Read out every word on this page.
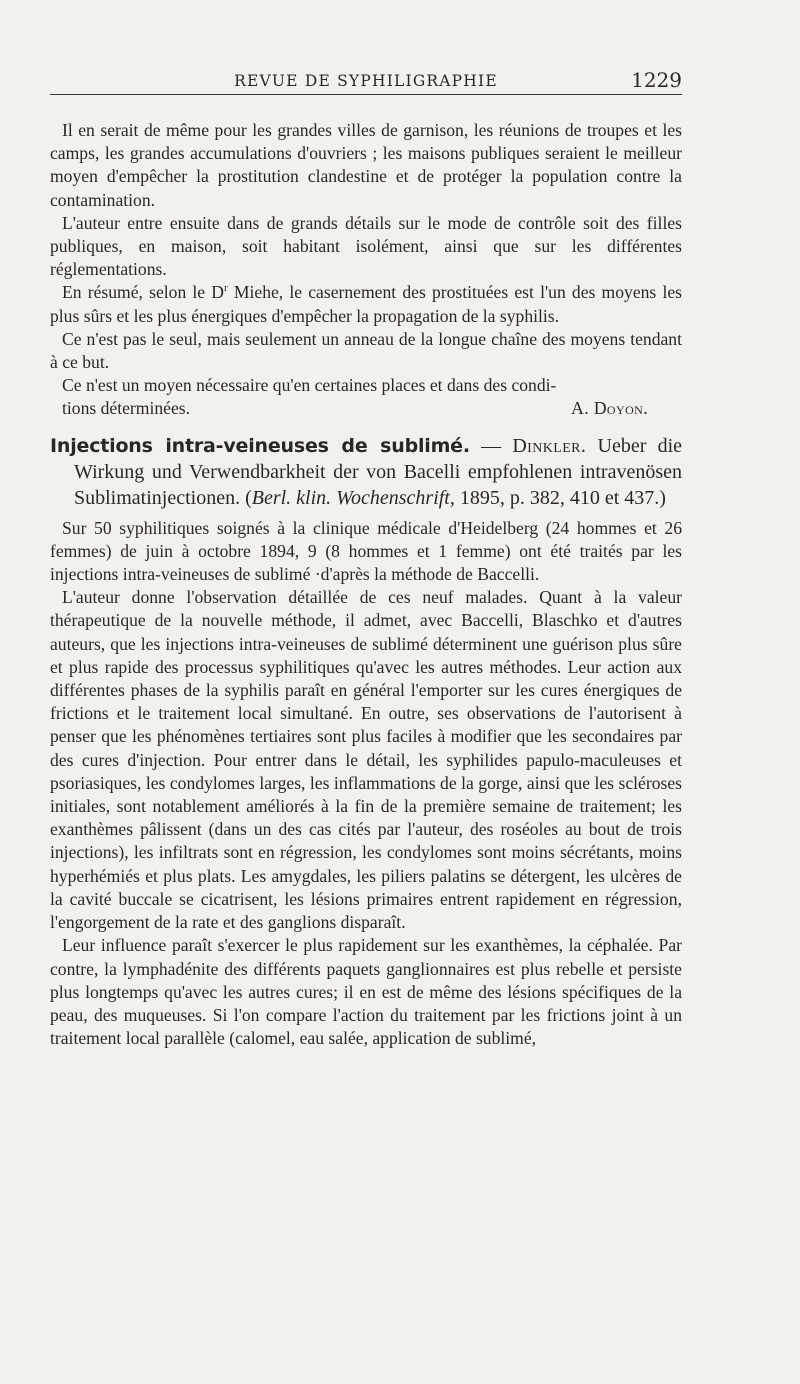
REVUE DE SYPHILIGRAPHIE	1229

Il en serait de même pour les grandes villes de garnison, les réunions de troupes et les camps, les grandes accumulations d'ouvriers ; les maisons publiques seraient le meilleur moyen d'empêcher la prostitution clandestine et de protéger la population contre la contamination.

L'auteur entre ensuite dans de grands détails sur le mode de contrôle soit des filles publiques, en maison, soit habitant isolément, ainsi que sur les différentes réglementations.

En résumé, selon le $D^r$ Miehe, le casernement des prostituées est l'un des moyens les plus sûrs et les plus énergiques d'empêcher la propagation de la syphilis.

Ce n'est pas le seul, mais seulement un anneau de la longue chaîne des moyens tendant à ce but.

Ce n'est un moyen nécessaire qu'en certaines places et dans des condi-

tions déterminées.	A. Doyon.

Injections intra-veineuses de sublimé. — Dinkler. Ueber die Wirkung und Verwendbarkheit der von Bacelli empfohlenen intravenösen Sublimatinjectionen. (Berl. klin. Wochenschrift, 1895, p. 382, 410 et 437.)

Sur 50 syphilitiques soignés à la clinique médicale d'Heidelberg (24 hommes et 26 femmes) de juin à octobre 1894, 9 (8 hommes et 1 femme) ont été traités par les injections intra-veineuses de sublimé ·d'après la méthode de Baccelli.

L'auteur donne l'observation détaillée de ces neuf malades. Quant à la valeur thérapeutique de la nouvelle méthode, il admet, avec Baccelli, Blaschko et d'autres auteurs, que les injections intra-veineuses de sublimé déterminent une guérison plus sûre et plus rapide des processus syphilitiques qu'avec les autres méthodes. Leur action aux différentes phases de la syphilis paraît en général l'emporter sur les cures énergiques de frictions et le traitement local simultané. En outre, ses observations de l'autorisent à penser que les phénomènes tertiaires sont plus faciles à modifier que les secondaires par des cures d'injection. Pour entrer dans le détail, les syphilides papulo-maculeuses et psoriasiques, les condylomes larges, les inflammations de la gorge, ainsi que les scléroses initiales, sont notablement améliorés à la fin de la première semaine de traitement; les exanthèmes pâlissent (dans un des cas cités par l'auteur, des roséoles au bout de trois injections), les infiltrats sont en régression, les condylomes sont moins sécrétants, moins hyperhémiés et plus plats. Les amygdales, les piliers palatins se détergent, les ulcères de la cavité buccale se cicatrisent, les lésions primaires entrent rapidement en régression, l'engorgement de la rate et des ganglions disparaît.

Leur influence paraît s'exercer le plus rapidement sur les exanthèmes, la céphalée. Par contre, la lymphadénite des différents paquets ganglionnaires est plus rebelle et persiste plus longtemps qu'avec les autres cures; il en est de même des lésions spécifiques de la peau, des muqueuses. Si l'on compare l'action du traitement par les frictions joint à un traitement local parallèle (calomel, eau salée, application de sublimé,
